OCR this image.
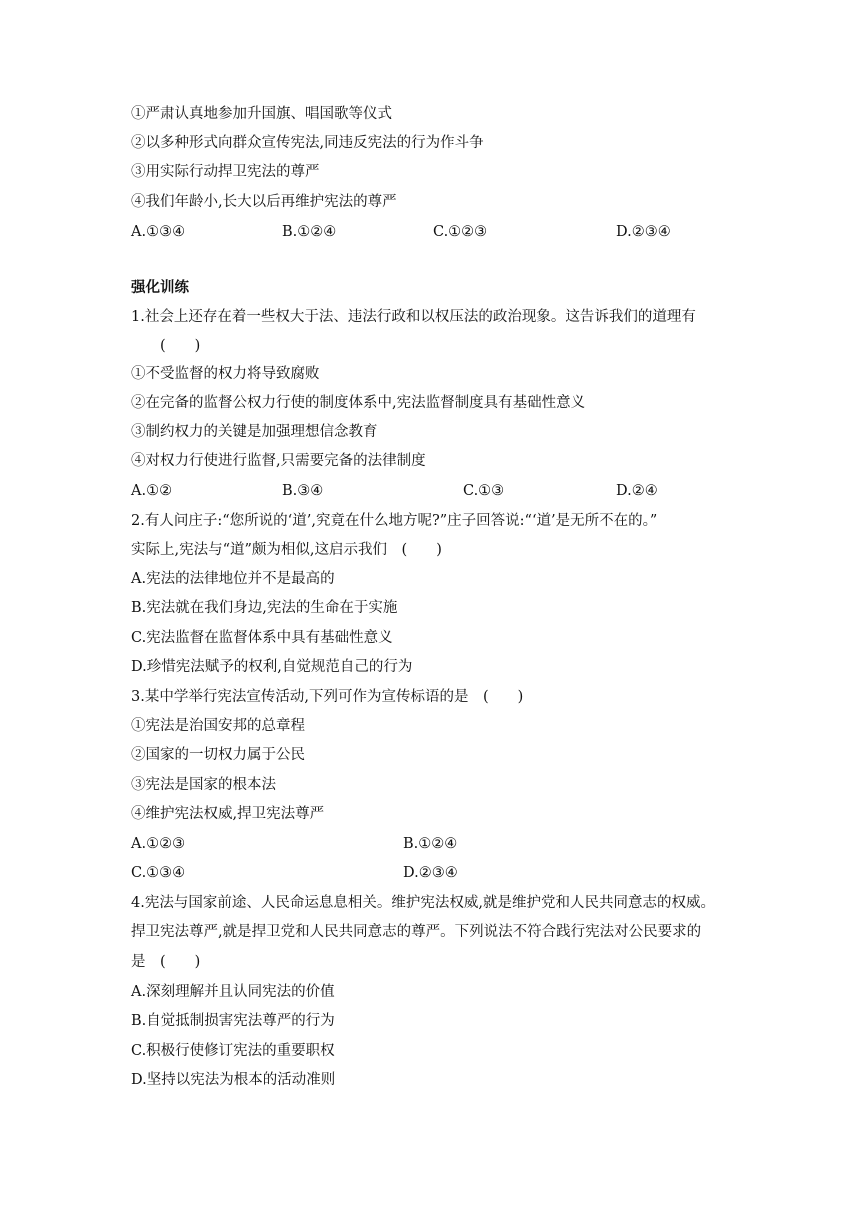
①严肃认真地参加升国旗、唱国歌等仪式
②以多种形式向群众宣传宪法,同违反宪法的行为作斗争
③用实际行动捍卫宪法的尊严
④我们年龄小,长大以后再维护宪法的尊严
A.①③④	B.①②④	C.①②③	D.②③④
强化训练
1.社会上还存在着一些权大于法、违法行政和以权压法的政治现象。这告诉我们的道理有
(　　)
①不受监督的权力将导致腐败
②在完备的监督公权力行使的制度体系中,宪法监督制度具有基础性意义
③制约权力的关键是加强理想信念教育
④对权力行使进行监督,只需要完备的法律制度
A.①②	B.③④	C.①③	D.②④
2.有人问庄子:“您所说的‘道’,究竟在什么地方呢?”庄子回答说:“‘道’是无所不在的。”
实际上,宪法与“道”颇为相似,这启示我们　(　　)
A.宪法的法律地位并不是最高的
B.宪法就在我们身边,宪法的生命在于实施
C.宪法监督在监督体系中具有基础性意义
D.珍惜宪法赋予的权利,自觉规范自己的行为
3.某中学举行宪法宣传活动,下列可作为宣传标语的是　(　　)
①宪法是治国安邦的总章程
②国家的一切权力属于公民
③宪法是国家的根本法
④维护宪法权威,捍卫宪法尊严
A.①②③	B.①②④
C.①③④	D.②③④
4.宪法与国家前途、人民命运息息相关。维护宪法权威,就是维护党和人民共同意志的权威。
捍卫宪法尊严,就是捍卫党和人民共同意志的尊严。下列说法不符合践行宪法对公民要求的
是　(　　)
A.深刻理解并且认同宪法的价值
B.自觉抵制损害宪法尊严的行为
C.积极行使修订宪法的重要职权
D.坚持以宪法为根本的活动准则
